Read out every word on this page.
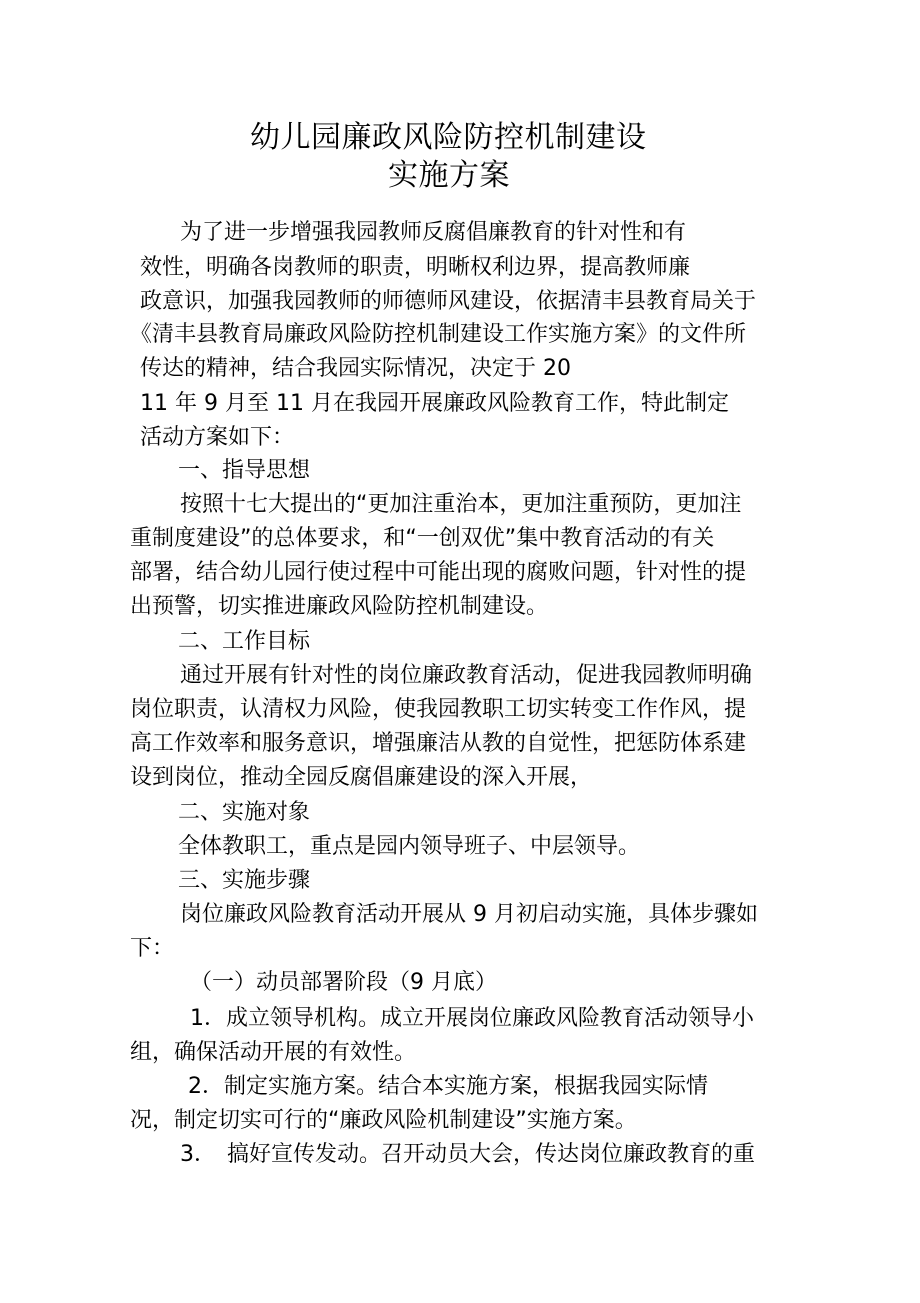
幼儿园廉政风险防控机制建设
实施方案
为了进一步增强我园教师反腐倡廉教育的针对性和有
效性，明确各岗教师的职责，明晰权利边界，提高教师廉
政意识，加强我园教师的师德师风建设，依据清丰县教育局关于
《清丰县教育局廉政风险防控机制建设工作实施方案》的文件所
传达的精神，结合我园实际情况，决定于 20
11 年 9 月至 11 月在我园开展廉政风险教育工作，特此制定
活动方案如下：
一、指导思想
按照十七大提出的“更加注重治本，更加注重预防，更加注
重制度建设”的总体要求，和“一创双优”集中教育活动的有关
部署，结合幼儿园行使过程中可能出现的腐败问题，针对性的提
出预警，切实推进廉政风险防控机制建设。
二、工作目标
通过开展有针对性的岗位廉政教育活动，促进我园教师明确
岗位职责，认清权力风险，使我园教职工切实转变工作作风，提
高工作效率和服务意识，增强廉洁从教的自觉性，把惩防体系建
设到岗位，推动全园反腐倡廉建设的深入开展，
二、实施对象
全体教职工，重点是园内领导班子、中层领导。
三、实施步骤
岗位廉政风险教育活动开展从 9 月初启动实施，具体步骤如
下：
（一）动员部署阶段（9 月底）
1．成立领导机构。成立开展岗位廉政风险教育活动领导小
组，确保活动开展的有效性。
2．制定实施方案。结合本实施方案，根据我园实际情
况，制定切实可行的“廉政风险机制建设”实施方案。
3．　搞好宣传发动。召开动员大会，传达岗位廉政教育的重
